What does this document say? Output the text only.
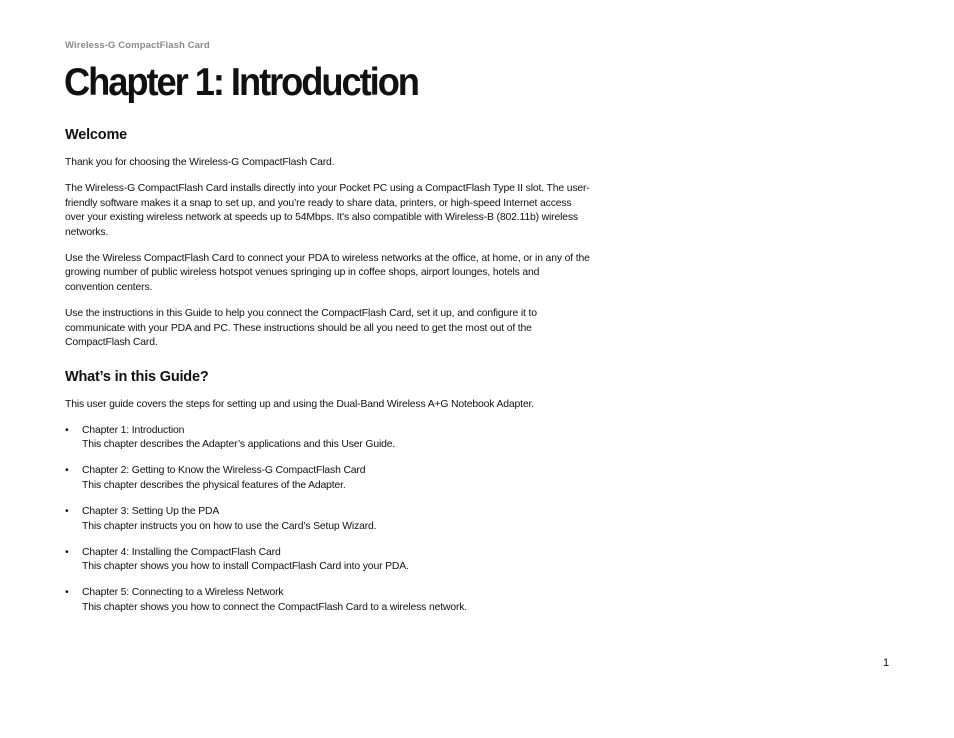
Wireless-G CompactFlash Card
Chapter 1: Introduction
Welcome

Thank you for choosing the Wireless-G CompactFlash Card.

The Wireless-G CompactFlash Card installs directly into your Pocket PC using a CompactFlash Type II slot. The user-friendly software makes it a snap to set up, and you’re ready to share data, printers, or high-speed Internet access over your existing wireless network at speeds up to 54Mbps. It's also compatible with Wireless-B (802.11b) wireless networks.

Use the Wireless CompactFlash Card to connect your PDA to wireless networks at the office, at home, or in any of the growing number of public wireless hotspot venues springing up in coffee shops, airport lounges, hotels and convention centers.

Use the instructions in this Guide to help you connect the CompactFlash Card, set it up, and configure it to communicate with your PDA and PC. These instructions should be all you need to get the most out of the CompactFlash Card.

What’s in this Guide?

This user guide covers the steps for setting up and using the Dual-Band Wireless A+G Notebook Adapter.

• Chapter 1: Introduction
This chapter describes the Adapter’s applications and this User Guide.
• Chapter 2: Getting to Know the Wireless-G CompactFlash Card
This chapter describes the physical features of the Adapter.
• Chapter 3: Setting Up the PDA
This chapter instructs you on how to use the Card’s Setup Wizard.
• Chapter 4: Installing the CompactFlash Card
This chapter shows you how to install CompactFlash Card into your PDA.
• Chapter 5: Connecting to a Wireless Network
This chapter shows you how to connect the CompactFlash Card to a wireless network.
1
